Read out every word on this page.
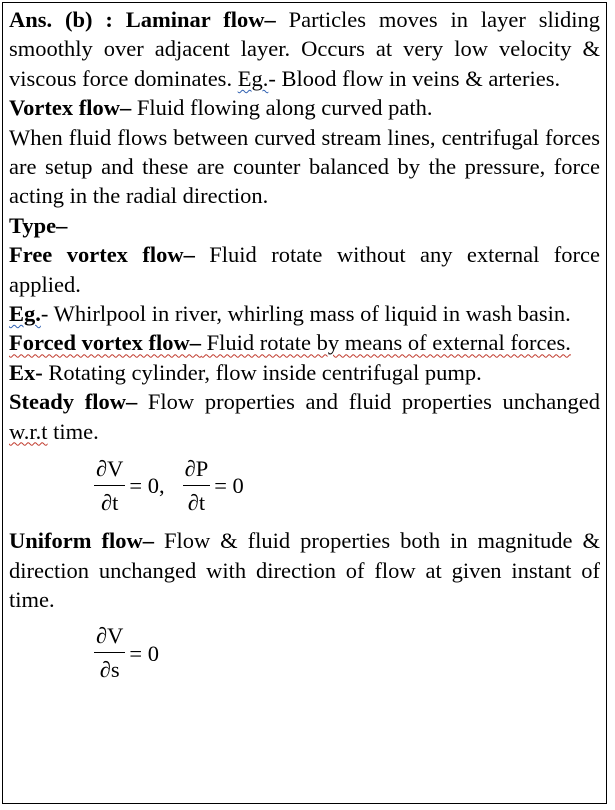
Ans. (b) : Laminar flow– Particles moves in layer sliding smoothly over adjacent layer. Occurs at very low velocity & viscous force dominates. Eg.- Blood flow in veins & arteries.

Vortex flow– Fluid flowing along curved path.

When fluid flows between curved stream lines, centrifugal forces are setup and these are counter balanced by the pressure, force acting in the radial direction.

Type–

Free vortex flow– Fluid rotate without any external force applied.

Eg.- Whirlpool in river, whirling mass of liquid in wash basin.

Forced vortex flow– Fluid rotate by means of external forces.

Ex- Rotating cylinder, flow inside centrifugal pump.

Steady flow– Flow properties and fluid properties unchanged w.r.t time.

$\frac{\partial V}{\partial t} = 0$, $\frac{\partial P}{\partial t} = 0$

Uniform flow– Flow & fluid properties both in magnitude & direction unchanged with direction of flow at given instant of time.

$\frac{\partial V}{\partial s} = 0$
